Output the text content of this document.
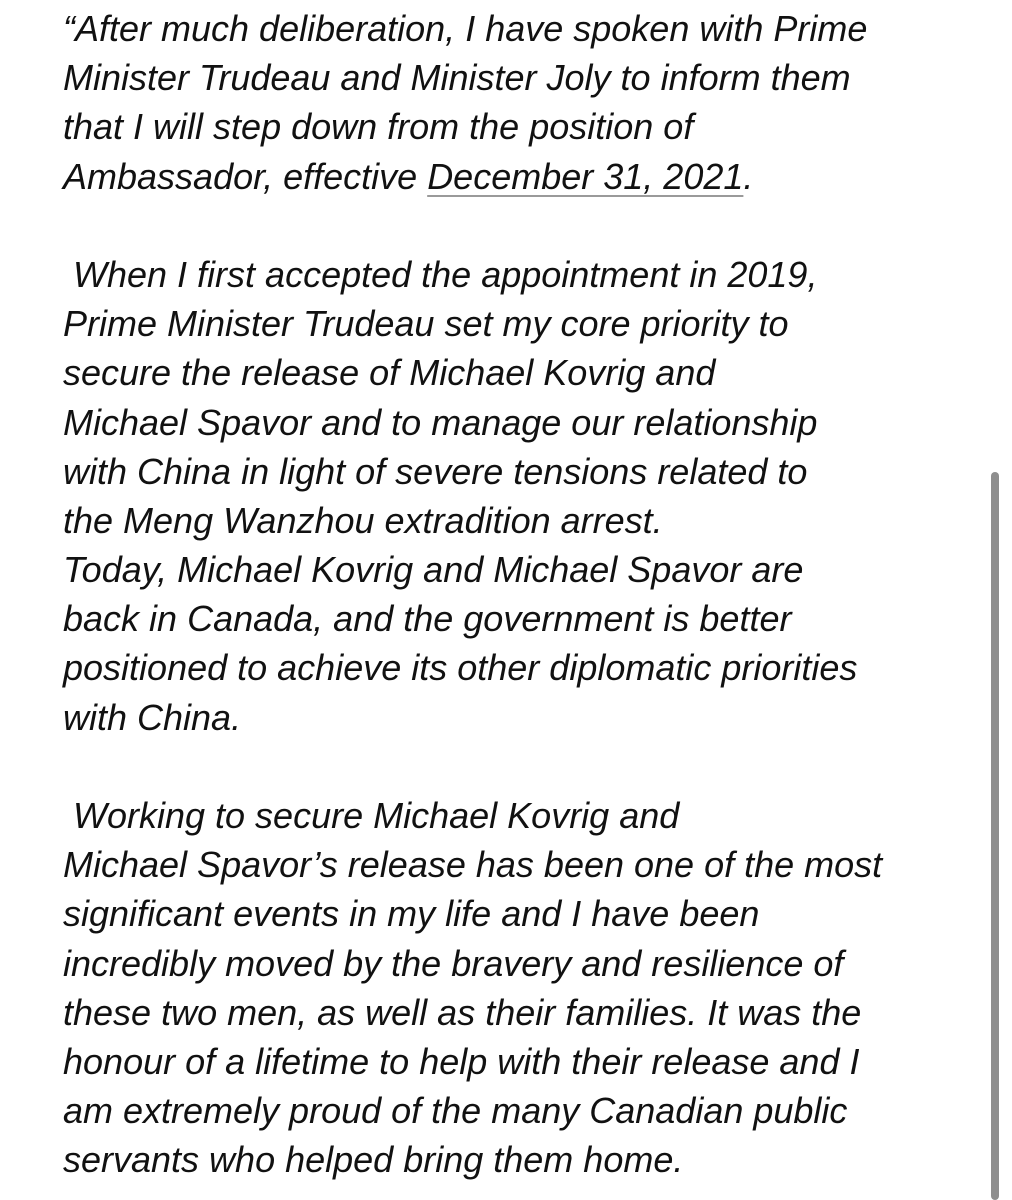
“After much deliberation, I have spoken with Prime
Minister Trudeau and Minister Joly to inform them
that I will step down from the position of
Ambassador, effective December 31, 2021.
When I first accepted the appointment in 2019,
Prime Minister Trudeau set my core priority to
secure the release of Michael Kovrig and
Michael Spavor and to manage our relationship
with China in light of severe tensions related to
the Meng Wanzhou extradition arrest.
Today, Michael Kovrig and Michael Spavor are
back in Canada, and the government is better
positioned to achieve its other diplomatic priorities
with China.
Working to secure Michael Kovrig and
Michael Spavor’s release has been one of the most
significant events in my life and I have been
incredibly moved by the bravery and resilience of
these two men, as well as their families. It was the
honour of a lifetime to help with their release and I
am extremely proud of the many Canadian public
servants who helped bring them home.
